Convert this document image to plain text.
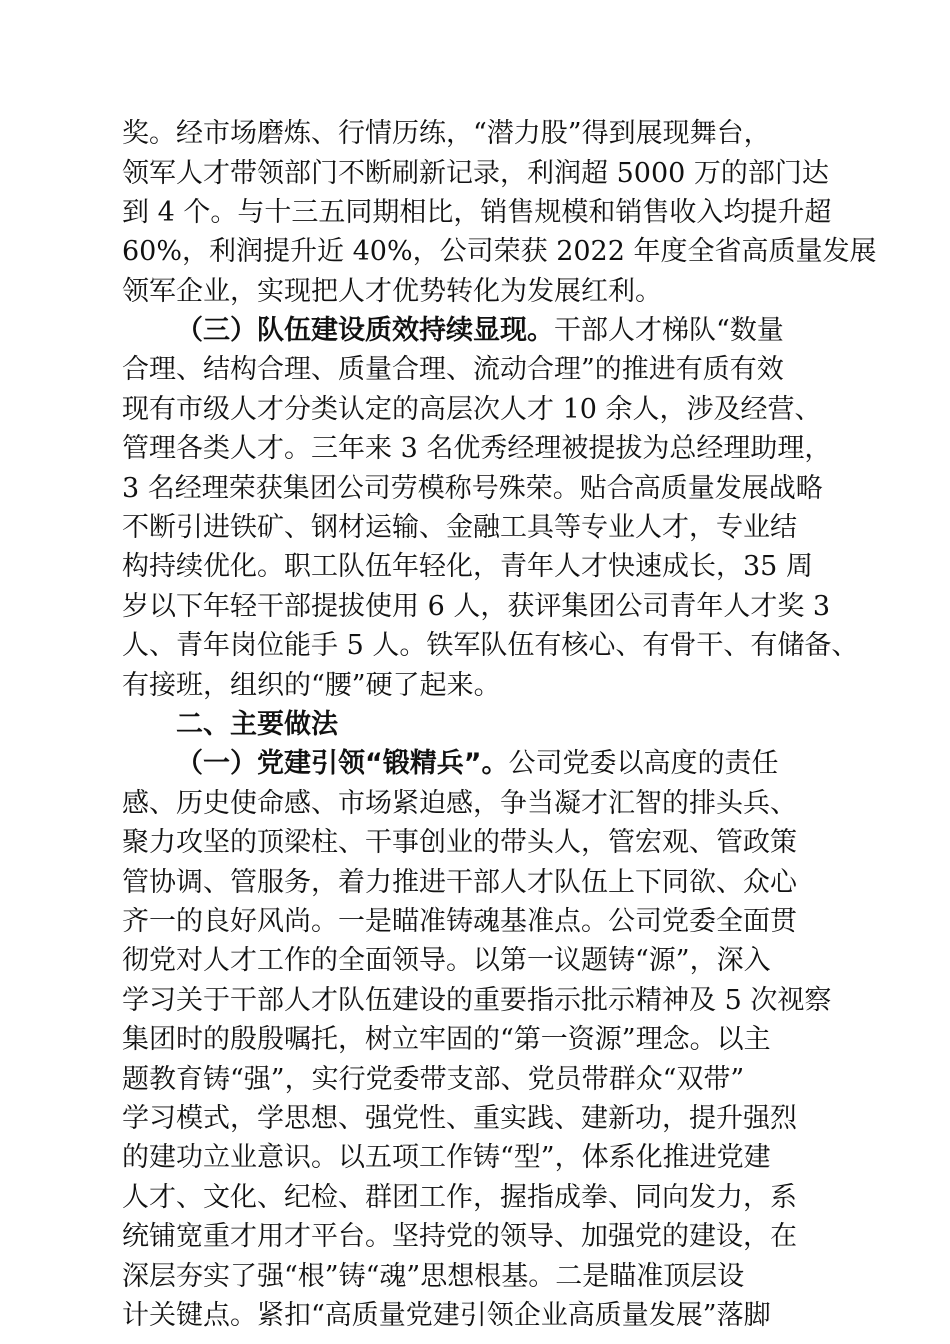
奖。经市场磨炼、行情历练，“潜力股”得到展现舞台，
领军人才带领部门不断刷新记录，利润超 5000 万的部门达
到 4 个。与十三五同期相比，销售规模和销售收入均提升超
60%，利润提升近 40%，公司荣获 2022 年度全省高质量发展
领军企业，实现把人才优势转化为发展红利。
（三）队伍建设质效持续显现。干部人才梯队“数量
合理、结构合理、质量合理、流动合理”的推进有质有效
现有市级人才分类认定的高层次人才 10 余人，涉及经营、
管理各类人才。三年来 3 名优秀经理被提拔为总经理助理，
3 名经理荣获集团公司劳模称号殊荣。贴合高质量发展战略
不断引进铁矿、钢材运输、金融工具等专业人才，专业结
构持续优化。职工队伍年轻化，青年人才快速成长，35 周
岁以下年轻干部提拔使用 6 人，获评集团公司青年人才奖 3
人、青年岗位能手 5 人。铁军队伍有核心、有骨干、有储备、
有接班，组织的“腰”硬了起来。
二、主要做法
（一）党建引领“锻精兵”。公司党委以高度的责任
感、历史使命感、市场紧迫感，争当凝才汇智的排头兵、
聚力攻坚的顶梁柱、干事创业的带头人，管宏观、管政策
管协调、管服务，着力推进干部人才队伍上下同欲、众心
齐一的良好风尚。一是瞄准铸魂基准点。公司党委全面贯
彻党对人才工作的全面领导。以第一议题铸“源”，深入
学习关于干部人才队伍建设的重要指示批示精神及 5 次视察
集团时的殷殷嘱托，树立牢固的“第一资源”理念。以主
题教育铸“强”，实行党委带支部、党员带群众“双带”
学习模式，学思想、强党性、重实践、建新功，提升强烈
的建功立业意识。以五项工作铸“型”，体系化推进党建
人才、文化、纪检、群团工作，握指成拳、同向发力，系
统铺宽重才用才平台。坚持党的领导、加强党的建设，在
深层夯实了强“根”铸“魂”思想根基。二是瞄准顶层设
计关键点。紧扣“高质量党建引领企业高质量发展”落脚
